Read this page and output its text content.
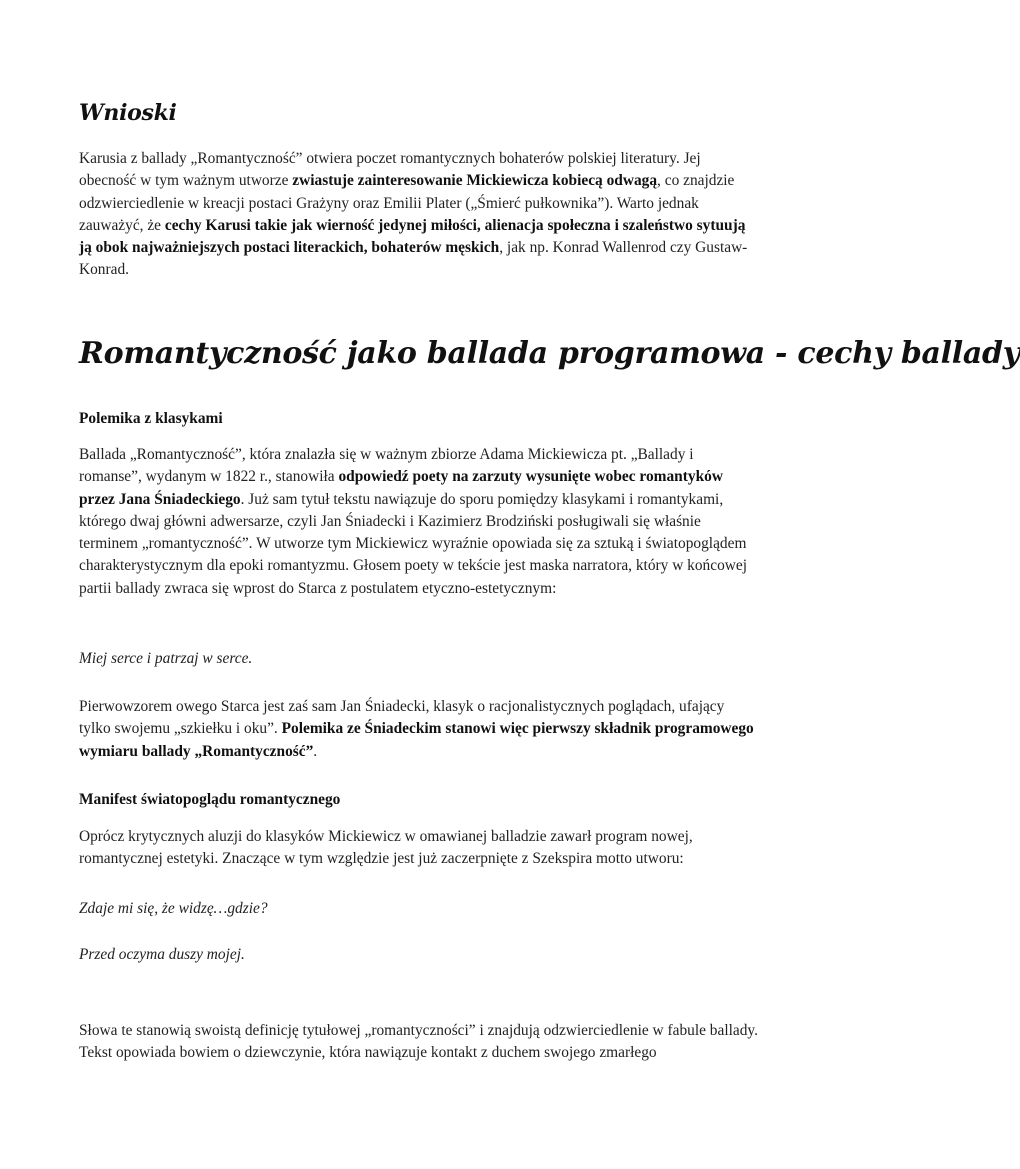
Wnioski
Karusia z ballady „Romantyczność” otwiera poczet romantycznych bohaterów polskiej literatury. Jej obecność w tym ważnym utworze zwiastuje zainteresowanie Mickiewicza kobiecą odwagą, co znajdzie odzwierciedlenie w kreacji postaci Grażyny oraz Emilii Plater („Śmierć pułkownika”). Warto jednak zauważyć, że cechy Karusi takie jak wierność jedynej miłości, alienacja społeczna i szaleństwo sytuują ją obok najważniejszych postaci literackich, bohaterów męskich, jak np. Konrad Wallenrod czy Gustaw-Konrad.
Romantyczność jako ballada programowa - cechy ballady
Polemika z klasykami
Ballada „Romantyczność”, która znalazła się w ważnym zbiorze Adama Mickiewicza pt. „Ballady i romanse”, wydanym w 1822 r., stanowiła odpowiedź poety na zarzuty wysunięte wobec romantyków przez Jana Śniadeckiego. Już sam tytuł tekstu nawiązuje do sporu pomiędzy klasykami i romantykami, którego dwaj główni adwersarze, czyli Jan Śniadecki i Kazimierz Brodziński posługiwali się właśnie terminem „romantyczność”. W utworze tym Mickiewicz wyraźnie opowiada się za sztuką i światopoglądem charakterystycznym dla epoki romantyzmu. Głosem poety w tekście jest maska narratora, który w końcowej partii ballady zwraca się wprost do Starca z postulatem etyczno-estetycznym:
Miej serce i patrzaj w serce.
Pierwowzorem owego Starca jest zaś sam Jan Śniadecki, klasyk o racjonalistycznych poglądach, ufający tylko swojemu „szkiełku i oku”. Polemika ze Śniadeckim stanowi więc pierwszy składnik programowego wymiaru ballady „Romantyczność”.
Manifest światopoglądu romantycznego
Oprócz krytycznych aluzji do klasyków Mickiewicz w omawianej balladzie zawarł program nowej, romantycznej estetyki. Znaczące w tym względzie jest już zaczerpnięte z Szekspira motto utworu:
Zdaje mi się, że widzę…gdzie?
Przed oczyma duszy mojej.
Słowa te stanowią swoistą definicję tytułowej „romantyczności” i znajdują odzwierciedlenie w fabule ballady. Tekst opowiada bowiem o dziewczynie, która nawiązuje kontakt z duchem swojego zmarłego
